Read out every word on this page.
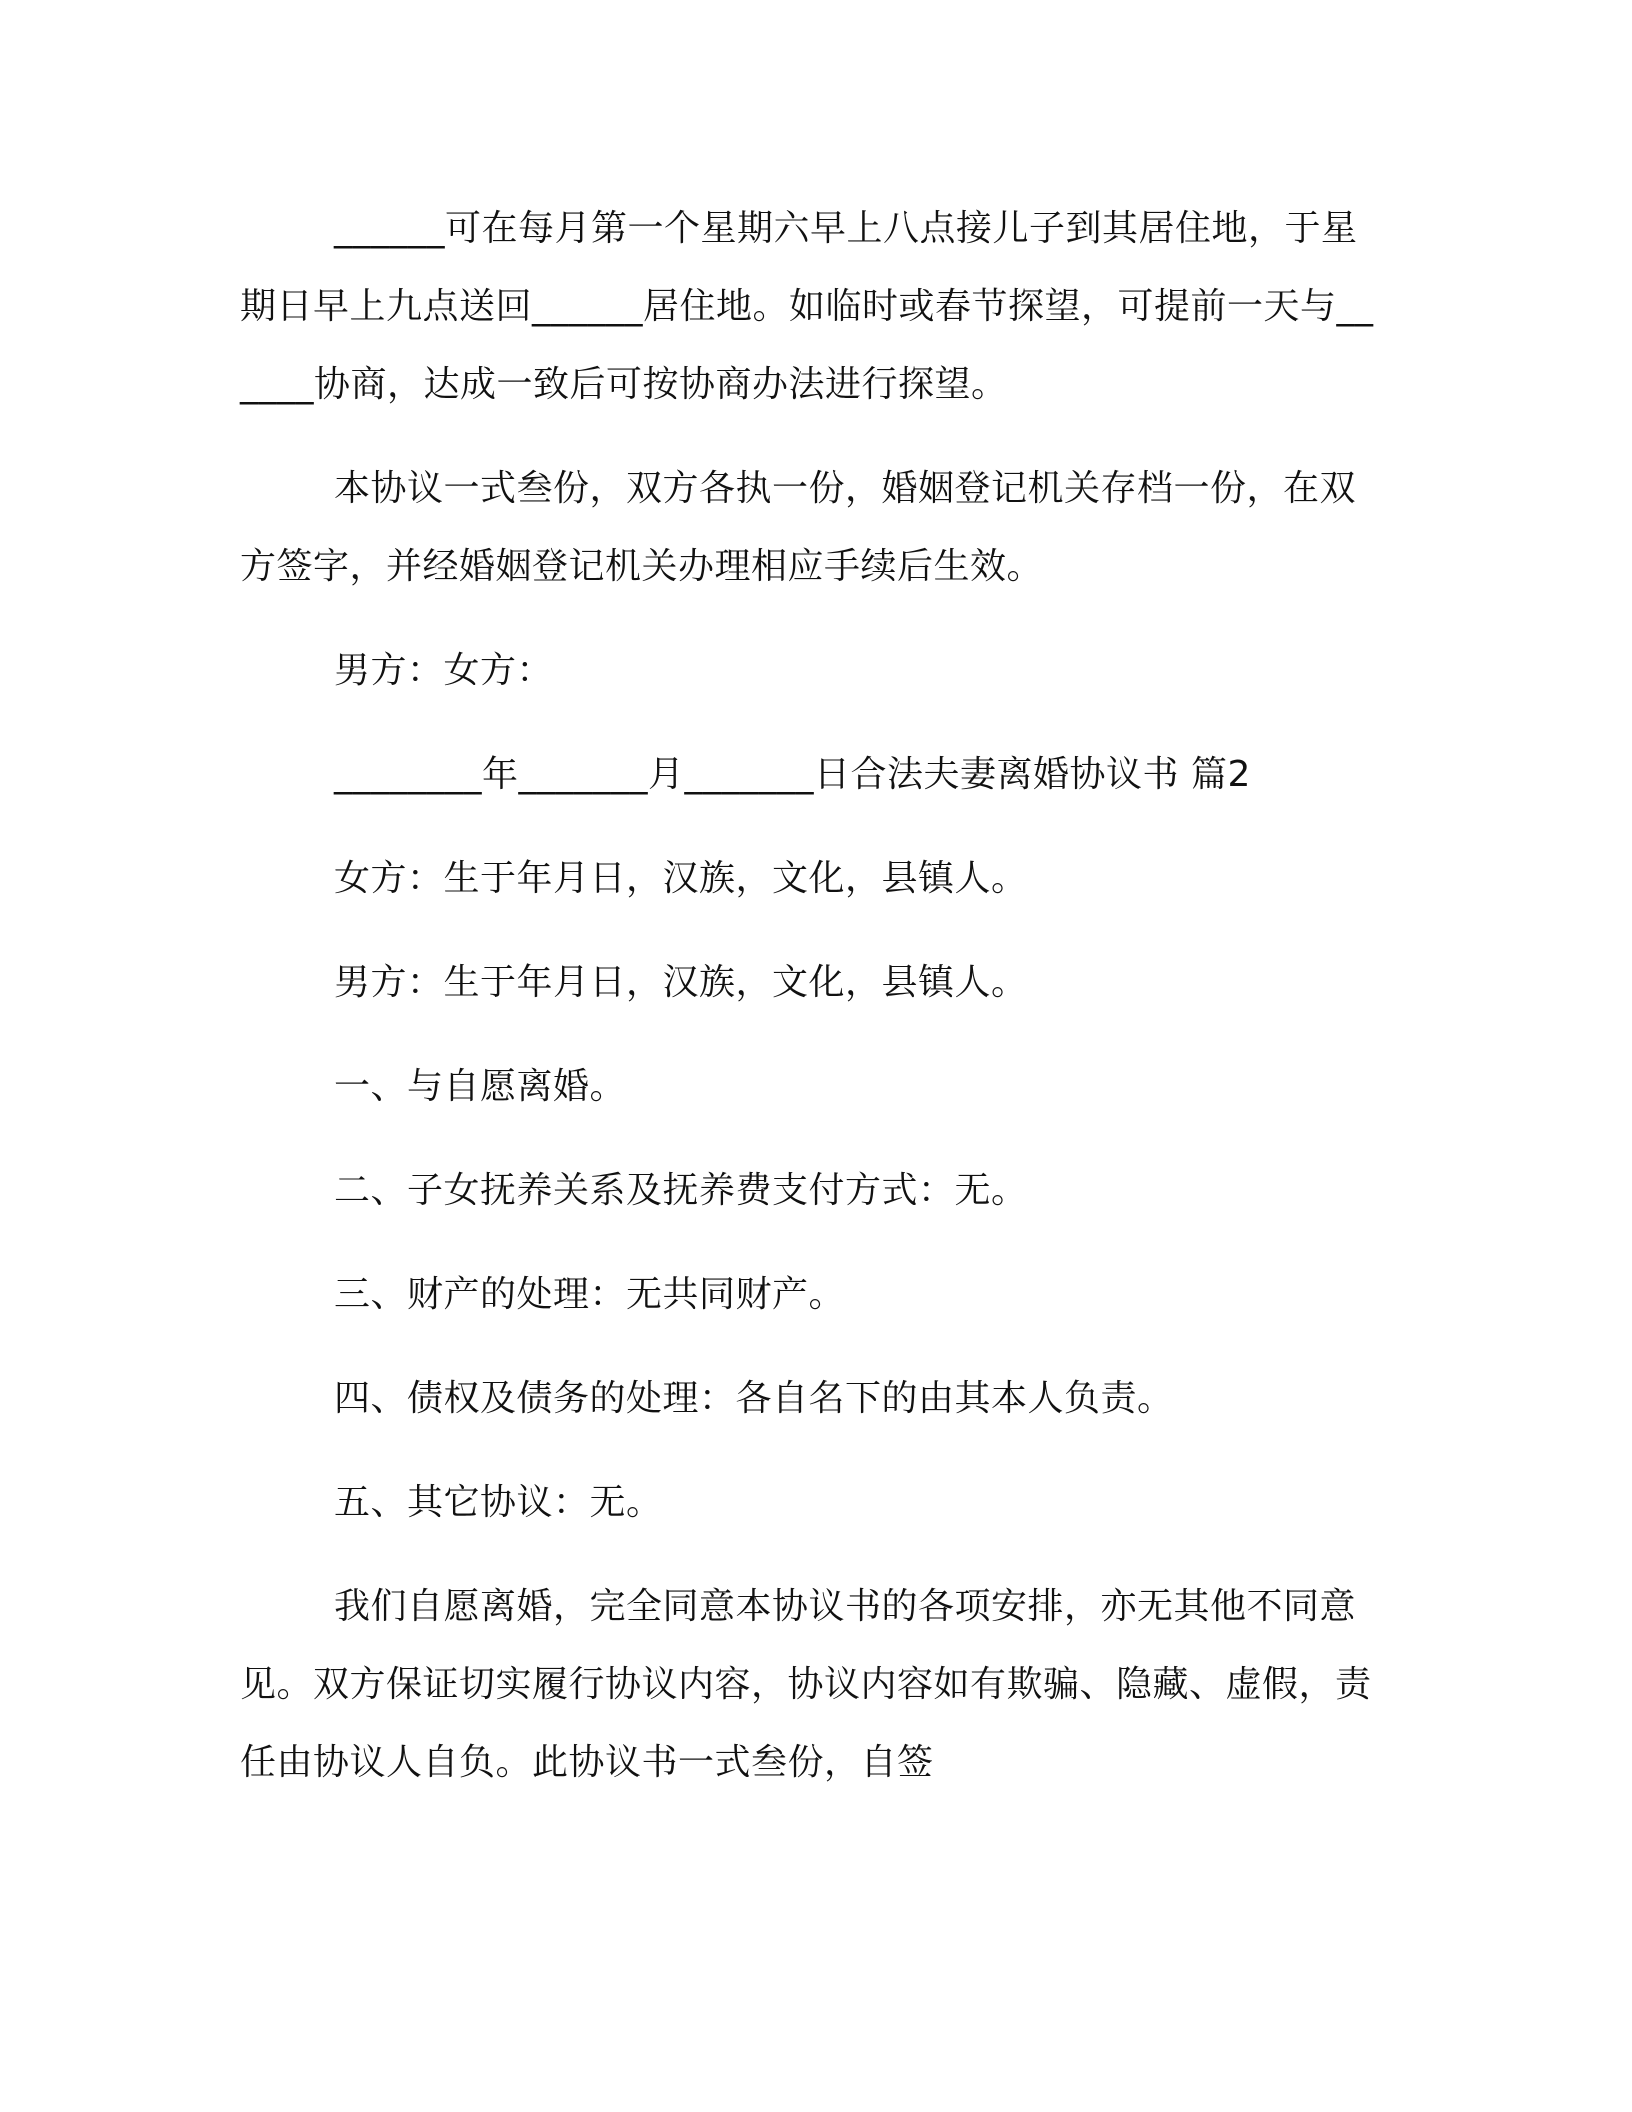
______可在每月第一个星期六早上八点接儿子到其居住地，于星期日早上九点送回______居住地。如临时或春节探望，可提前一天与______协商，达成一致后可按协商办法进行探望。

本协议一式叁份，双方各执一份，婚姻登记机关存档一份，在双方签字，并经婚姻登记机关办理相应手续后生效。

男方：女方：

________年_______月_______日合法夫妻离婚协议书 篇2

女方：生于年月日，汉族，文化，县镇人。

男方：生于年月日，汉族，文化，县镇人。

一、与自愿离婚。

二、子女抚养关系及抚养费支付方式：无。

三、财产的处理：无共同财产。

四、债权及债务的处理：各自名下的由其本人负责。

五、其它协议：无。

我们自愿离婚，完全同意本协议书的各项安排，亦无其他不同意见。双方保证切实履行协议内容，协议内容如有欺骗、隐藏、虚假，责任由协议人自负。此协议书一式叁份，自签
